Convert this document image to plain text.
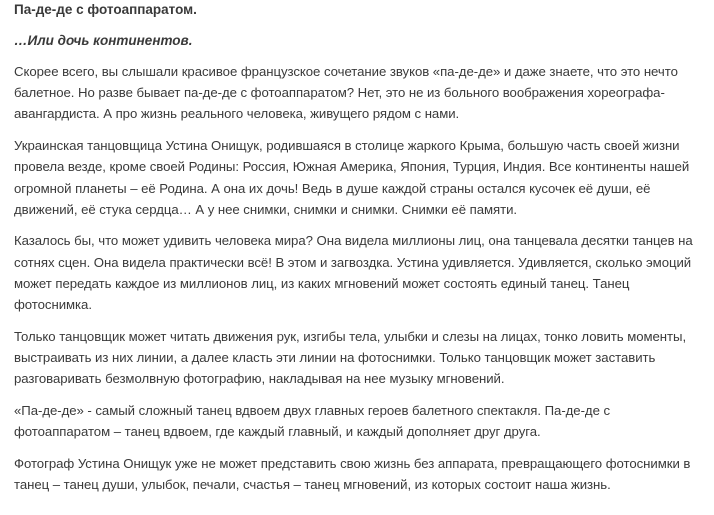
Па-де-де с фотоаппаратом.
…Или дочь континентов.

Скорее всего, вы слышали красивое французское сочетание звуков «па-де-де» и даже знаете, что это нечто балетное. Но разве бывает па-де-де с фотоаппаратом? Нет, это не из больного воображения хореографа-авангардиста. А про жизнь реального человека, живущего рядом с нами.

Украинская танцовщица Устина Онищук, родившаяся в столице жаркого Крыма, большую часть своей жизни провела везде, кроме своей Родины: Россия, Южная Америка, Япония, Турция, Индия. Все континенты нашей огромной планеты – её Родина. А она их дочь! Ведь в душе каждой страны остался кусочек её души, её движений, её стука сердца… А у нее снимки, снимки и снимки. Снимки её памяти.

Казалось бы, что может удивить человека мира? Она видела миллионы лиц, она танцевала десятки танцев на сотнях сцен. Она видела практически всё! В этом и загвоздка. Устина удивляется. Удивляется, сколько эмоций может передать каждое из миллионов лиц, из каких мгновений может состоять единый танец. Танец фотоснимка.

Только танцовщик может читать движения рук, изгибы тела, улыбки и слезы на лицах, тонко ловить моменты, выстраивать из них линии, а далее класть эти линии на фотоснимки. Только танцовщик может заставить разговаривать безмолвную фотографию, накладывая на нее музыку мгновений.

«Па-де-де» - самый сложный танец вдвоем двух главных героев балетного спектакля. Па-де-де с фотоаппаратом – танец вдвоем, где каждый главный, и каждый дополняет друг друга.

Фотограф Устина Онищук уже не может представить свою жизнь без аппарата, превращающего фотоснимки в танец – танец души, улыбок, печали, счастья – танец мгновений, из которых состоит наша жизнь.
